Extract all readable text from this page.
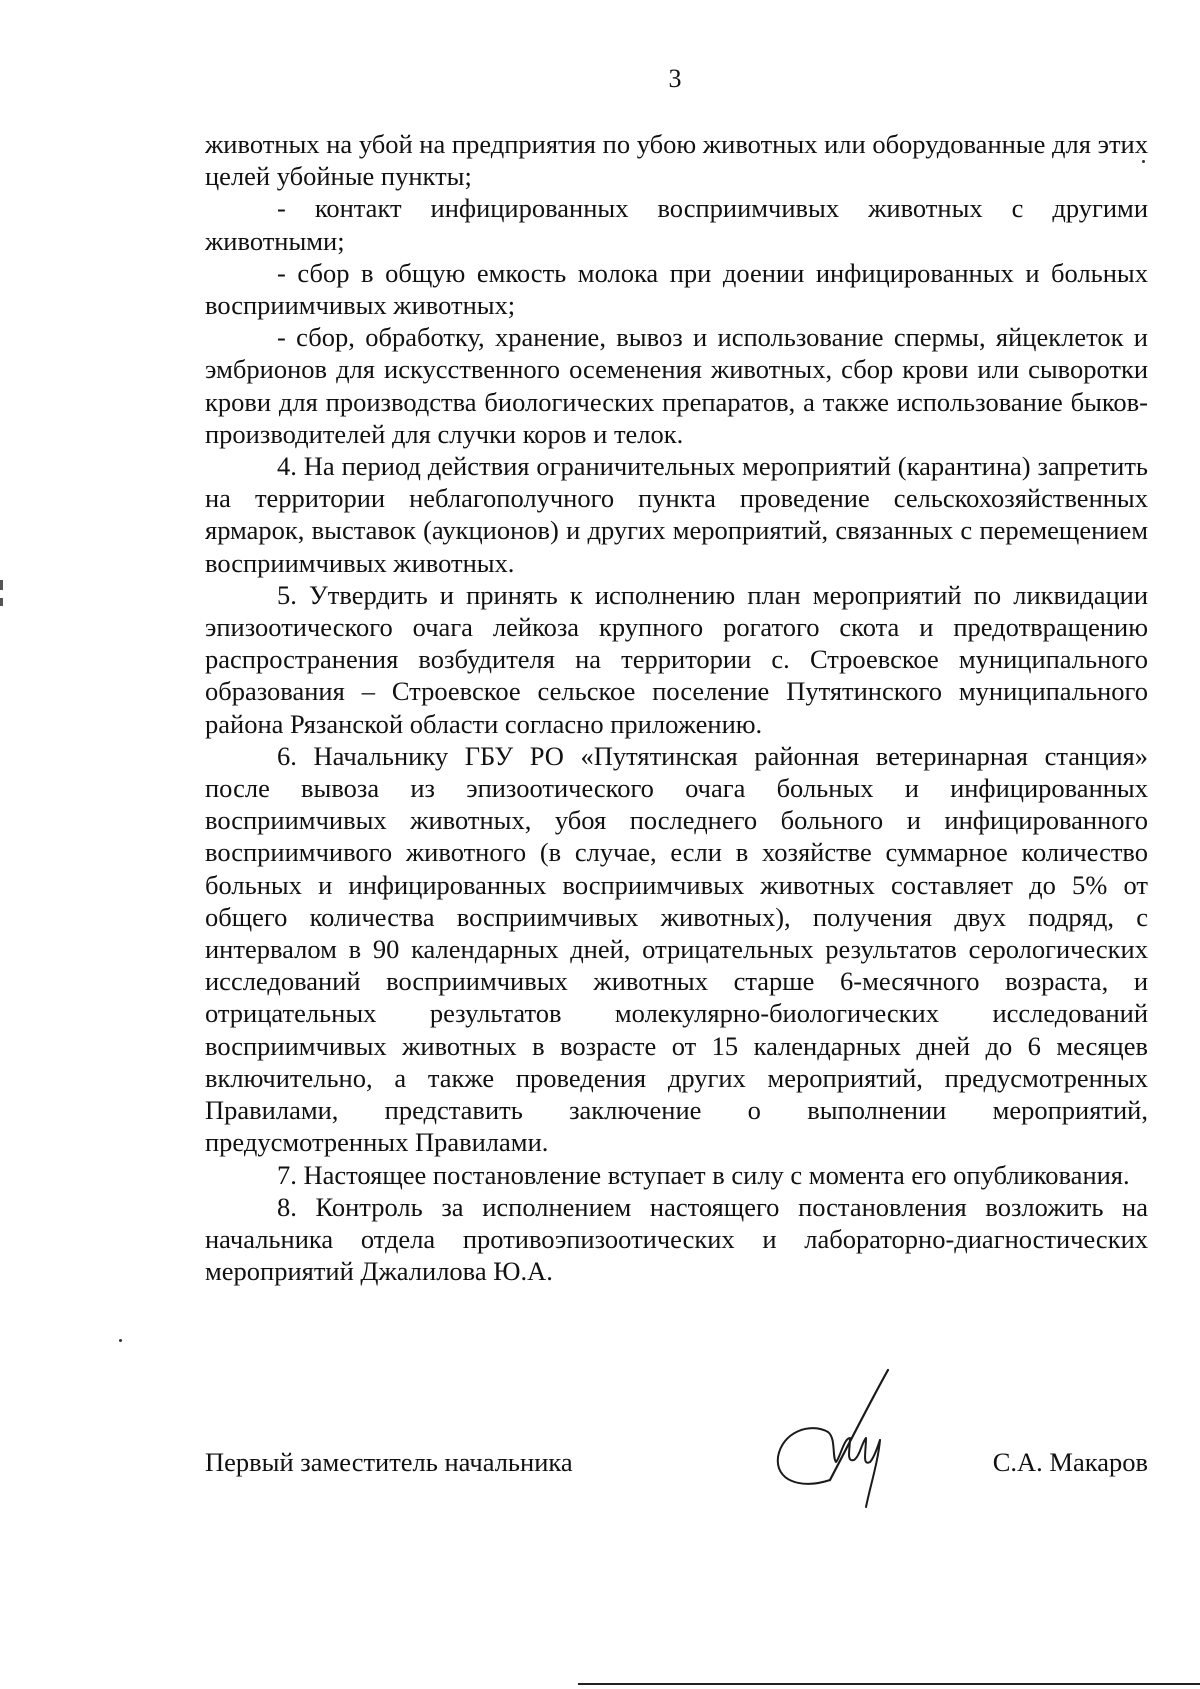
3

животных на убой на предприятия по убою животных или оборудованные для этих целей убойные пункты;

- контакт инфицированных восприимчивых животных с другими животными;

- сбор в общую емкость молока при доении инфицированных и больных восприимчивых животных;

- сбор, обработку, хранение, вывоз и использование спермы, яйцеклеток и эмбрионов для искусственного осеменения животных, сбор крови или сыворотки крови для производства биологических препаратов, а также использование быков-производителей для случки коров и телок.

4. На период действия ограничительных мероприятий (карантина) запретить на территории неблагополучного пункта проведение сельскохозяйственных ярмарок, выставок (аукционов) и других мероприятий, связанных с перемещением восприимчивых животных.

5. Утвердить и принять к исполнению план мероприятий по ликвидации эпизоотического очага лейкоза крупного рогатого скота и предотвращению распространения возбудителя на территории с. Строевское муниципального образования – Строевское сельское поселение Путятинского муниципального района Рязанской области согласно приложению.

6. Начальнику ГБУ РО «Путятинская районная ветеринарная станция» после вывоза из эпизоотического очага больных и инфицированных восприимчивых животных, убоя последнего больного и инфицированного восприимчивого животного (в случае, если в хозяйстве суммарное количество больных и инфицированных восприимчивых животных составляет до 5% от общего количества восприимчивых животных), получения двух подряд, с интервалом в 90 календарных дней, отрицательных результатов серологических исследований восприимчивых животных старше 6-месячного возраста, и отрицательных результатов молекулярно-биологических исследований восприимчивых животных в возрасте от 15 календарных дней до 6 месяцев включительно, а также проведения других мероприятий, предусмотренных Правилами, представить заключение о выполнении мероприятий, предусмотренных Правилами.

7. Настоящее постановление вступает в силу с момента его опубликования.

8. Контроль за исполнением настоящего постановления возложить на начальника отдела противоэпизоотических и лабораторно-диагностических мероприятий Джалилова Ю.А.

Первый заместитель начальника	С.А. Макаров
